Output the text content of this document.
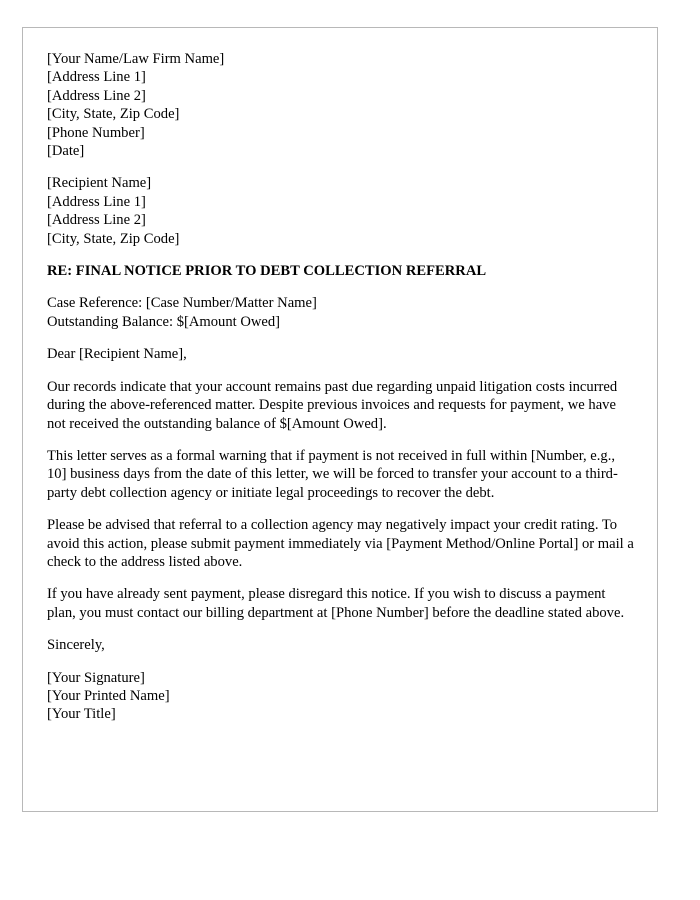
[Your Name/Law Firm Name]
[Address Line 1]
[Address Line 2]
[City, State, Zip Code]
[Phone Number]
[Date]
[Recipient Name]
[Address Line 1]
[Address Line 2]
[City, State, Zip Code]
RE: FINAL NOTICE PRIOR TO DEBT COLLECTION REFERRAL
Case Reference: [Case Number/Matter Name]
Outstanding Balance: $[Amount Owed]
Dear [Recipient Name],

Our records indicate that your account remains past due regarding unpaid litigation costs incurred during the above-referenced matter. Despite previous invoices and requests for payment, we have not received the outstanding balance of $[Amount Owed].

This letter serves as a formal warning that if payment is not received in full within [Number, e.g., 10] business days from the date of this letter, we will be forced to transfer your account to a third-party debt collection agency or initiate legal proceedings to recover the debt.

Please be advised that referral to a collection agency may negatively impact your credit rating. To avoid this action, please submit payment immediately via [Payment Method/Online Portal] or mail a check to the address listed above.

If you have already sent payment, please disregard this notice. If you wish to discuss a payment plan, you must contact our billing department at [Phone Number] before the deadline stated above.

Sincerely,
[Your Signature]
[Your Printed Name]
[Your Title]
